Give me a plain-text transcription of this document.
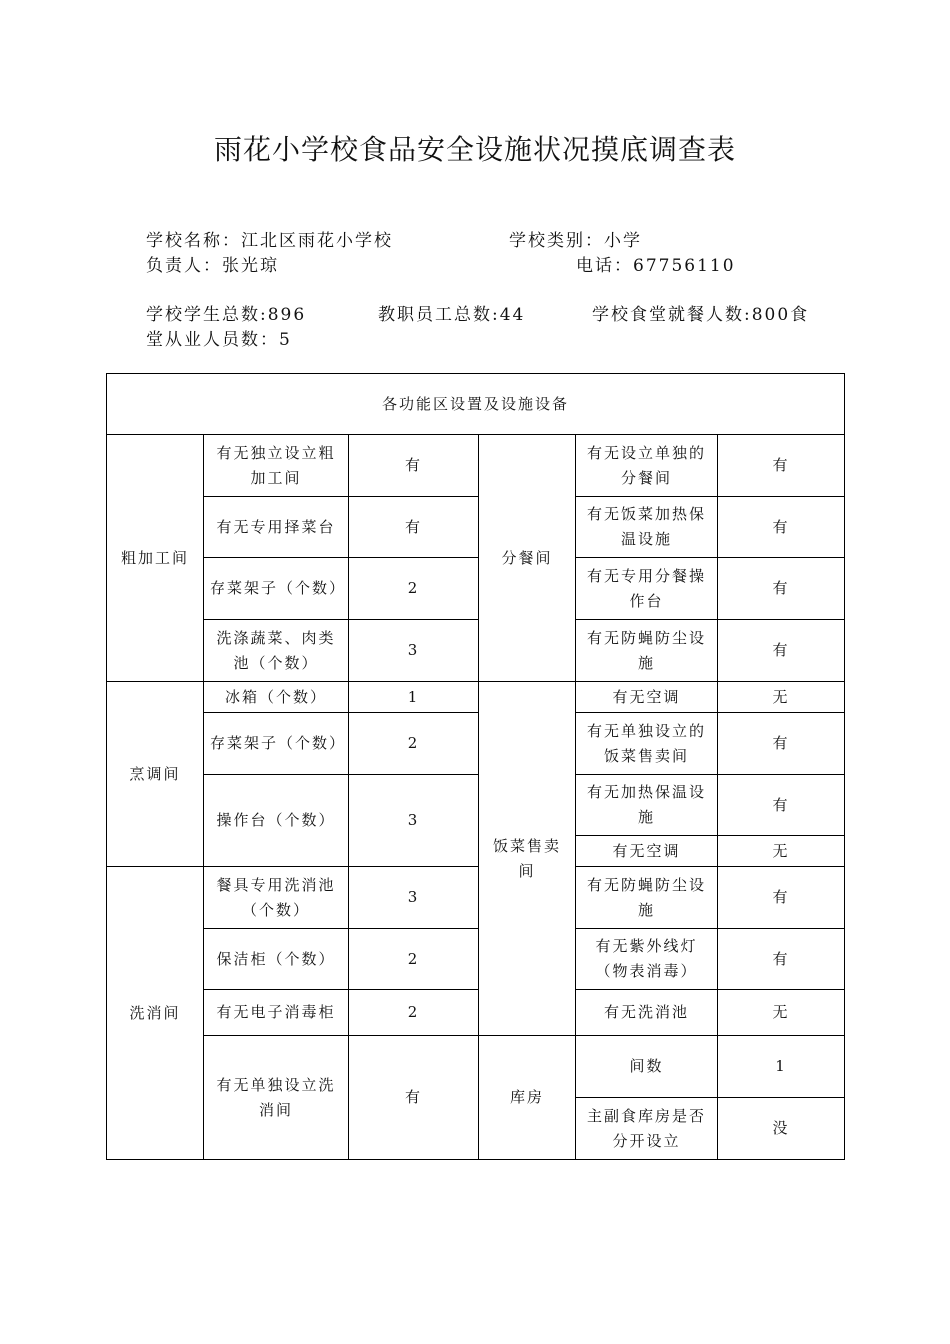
雨花小学校食品安全设施状况摸底调查表
学校名称：江北区雨花小学校	学校类别：小学
负责人：张光琼	电话：67756110
学校学生总数:896	教职员工总数:44	学校食堂就餐人数:800食
堂从业人员数：5
各功能区设置及设施设备					
粗加工间	有无独立设立粗加工间	有	分餐间	有无设立单独的分餐间	有
	有无专用择菜台	有		有无饭菜加热保温设施	有
	存菜架子（个数）	2		有无专用分餐操作台	有
	洗涤蔬菜、肉类池（个数）	3		有无防蝇防尘设施	有
烹调间	冰箱（个数）	1	饭菜售卖间	有无空调	无
	存菜架子（个数）	2		有无单独设立的饭菜售卖间	有
	操作台（个数）	3		有无加热保温设施	有
				有无空调	无
洗消间	餐具专用洗消池（个数）	3		有无防蝇防尘设施	有
	保洁柜（个数）	2		有无紫外线灯（物表消毒）	有
	有无电子消毒柜	2		有无洗消池	无
	有无单独设立洗消间	有	库房	间数	1
				主副食库房是否分开设立	没
